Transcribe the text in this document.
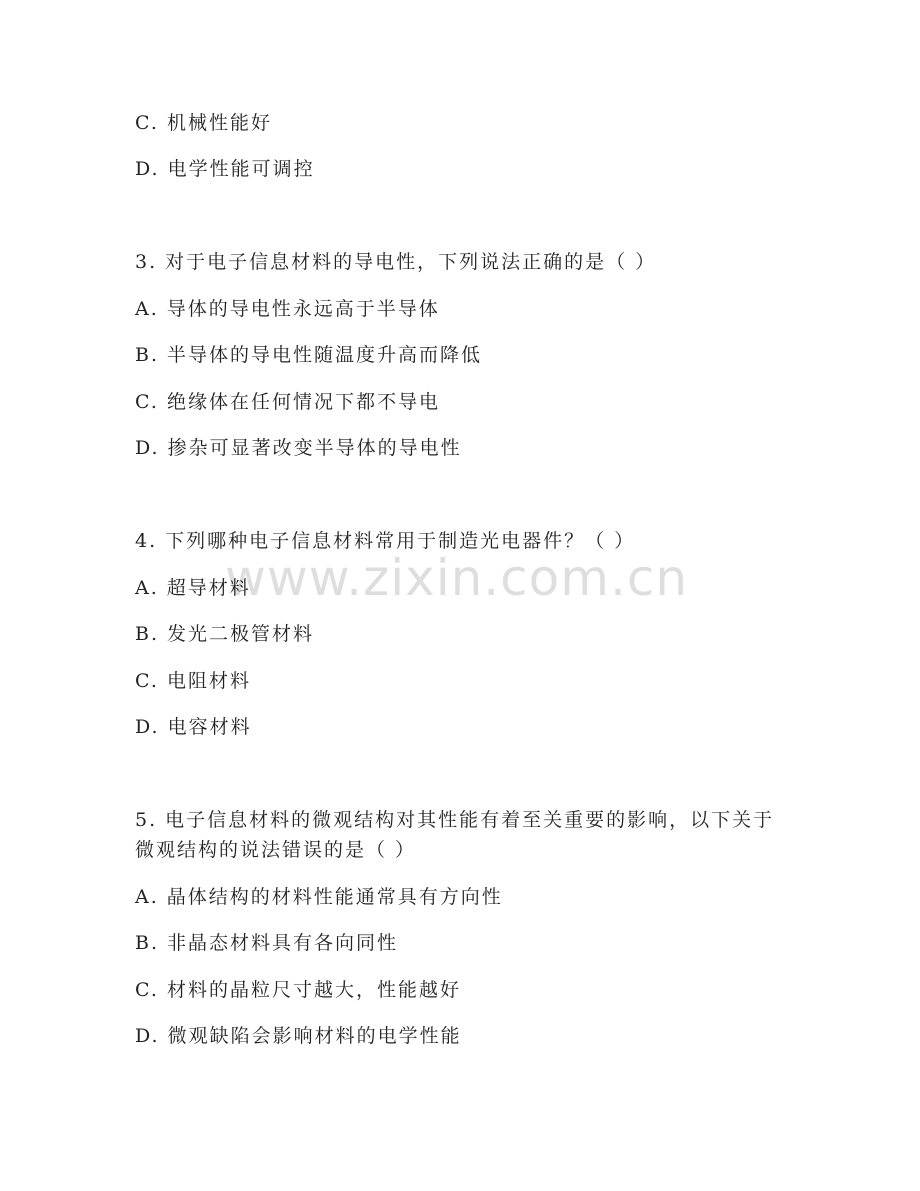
www.zixin.com.cn
C. 机械性能好
D. 电学性能可调控
3. 对于电子信息材料的导电性，下列说法正确的是（ ）
A. 导体的导电性永远高于半导体
B. 半导体的导电性随温度升高而降低
C. 绝缘体在任何情况下都不导电
D. 掺杂可显著改变半导体的导电性
4. 下列哪种电子信息材料常用于制造光电器件？（ ）
A. 超导材料
B. 发光二极管材料
C. 电阻材料
D. 电容材料
5. 电子信息材料的微观结构对其性能有着至关重要的影响，以下关于
微观结构的说法错误的是（ ）
A. 晶体结构的材料性能通常具有方向性
B. 非晶态材料具有各向同性
C. 材料的晶粒尺寸越大，性能越好
D. 微观缺陷会影响材料的电学性能
